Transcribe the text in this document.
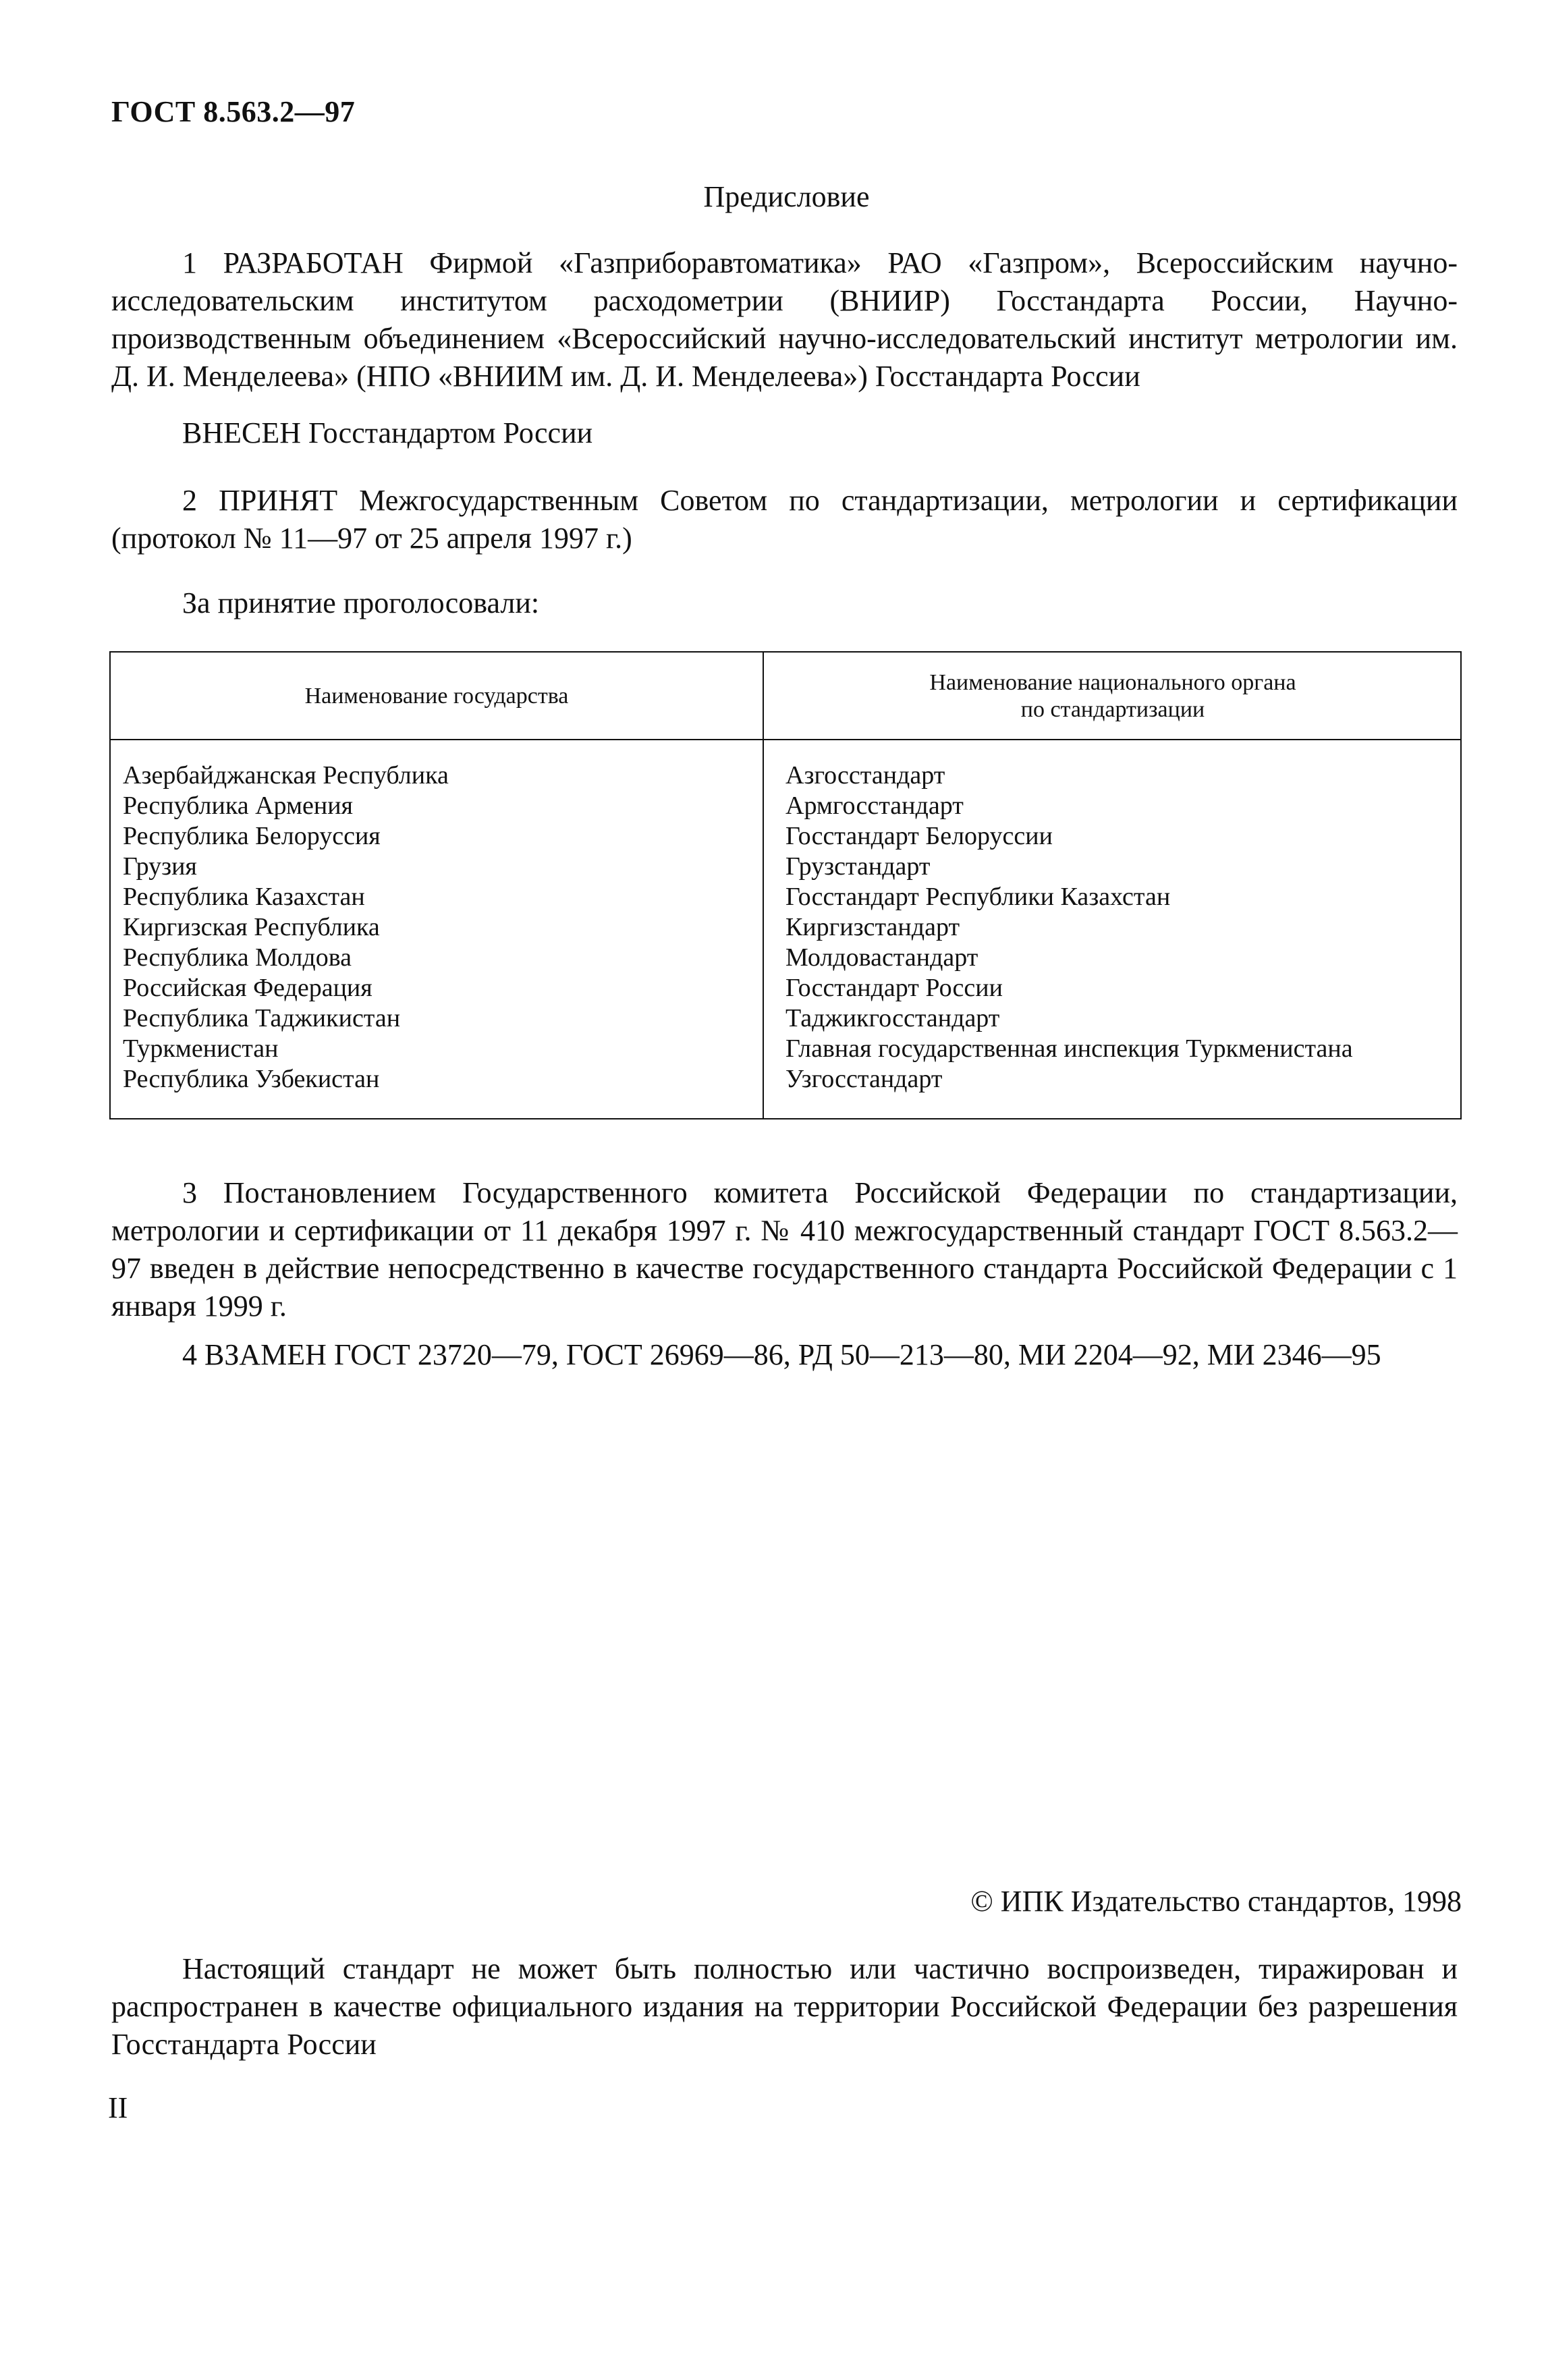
ГОСТ 8.563.2—97
Предисловие

1 РАЗРАБОТАН Фирмой «Газприборавтоматика» РАО «Газпром», Всероссийским научно-исследовательским институтом расходометрии (ВНИИР) Госстандарта России, Научно-производственным объединением «Всероссийский научно-исследовательский институт метрологии им. Д. И. Менделеева» (НПО «ВНИИМ им. Д. И. Менделеева») Госстандарта России

ВНЕСЕН Госстандартом России

2 ПРИНЯТ Межгосударственным Советом по стандартизации, метрологии и сертификации (протокол № 11—97 от 25 апреля 1997 г.)

За принятие проголосовали:

Наименование государства
Наименование национального органа
по стандартизации
Азербайджанская Республика
Республика Армения
Республика Белоруссия
Грузия
Республика Казахстан
Киргизская Республика
Республика Молдова
Российская Федерация
Республика Таджикистан
Туркменистан
Республика Узбекистан
Азгосстандарт
Армгосстандарт
Госстандарт Белоруссии
Грузстандарт
Госстандарт Республики Казахстан
Киргизстандарт
Молдовастандарт
Госстандарт России
Таджикгосстандарт
Главная государственная инспекция Туркменистана
Узгосстандарт

3 Постановлением Государственного комитета Российской Федерации по стандартизации, метрологии и сертификации от 11 декабря 1997 г. № 410 межгосударственный стандарт ГОСТ 8.563.2—97 введен в действие непосредственно в качестве государственного стандарта Российской Федерации с 1 января 1999 г.

4 ВЗАМЕН ГОСТ 23720—79, ГОСТ 26969—86, РД 50—213—80, МИ 2204—92, МИ 2346—95

© ИПК Издательство стандартов, 1998

Настоящий стандарт не может быть полностью или частично воспроизведен, тиражирован и распространен в качестве официального издания на территории Российской Федерации без разрешения Госстандарта России

II
